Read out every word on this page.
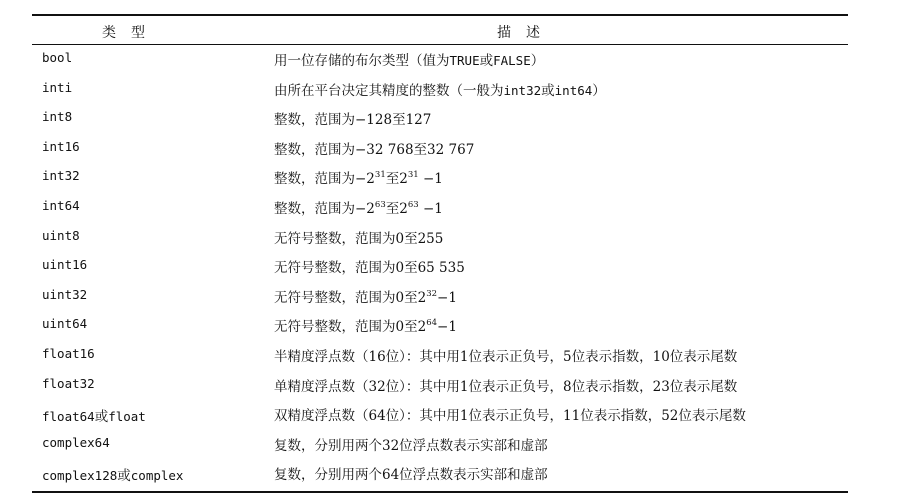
类　型	描　述
bool	用一位存储的布尔类型（值为TRUE或FALSE）
inti	由所在平台决定其精度的整数（一般为int32或int64）
int8	整数，范围为−128至127
int16	整数，范围为−32 768至32 767
int32	整数，范围为$-2^{31}$至$2^{31} -1$
int64	整数，范围为$-2^{63}$至$2^{63} -1$
uint8	无符号整数，范围为0至255
uint16	无符号整数，范围为0至65 535
uint32	无符号整数，范围为0至$2^{32}-1$
uint64	无符号整数，范围为0至$2^{64}-1$
float16	半精度浮点数（16位）：其中用1位表示正负号，5位表示指数，10位表示尾数
float32	单精度浮点数（32位）：其中用1位表示正负号，8位表示指数，23位表示尾数
float64或float	双精度浮点数（64位）：其中用1位表示正负号，11位表示指数，52位表示尾数
complex64	复数，分别用两个32位浮点数表示实部和虚部
complex128或complex	复数，分别用两个64位浮点数表示实部和虚部
